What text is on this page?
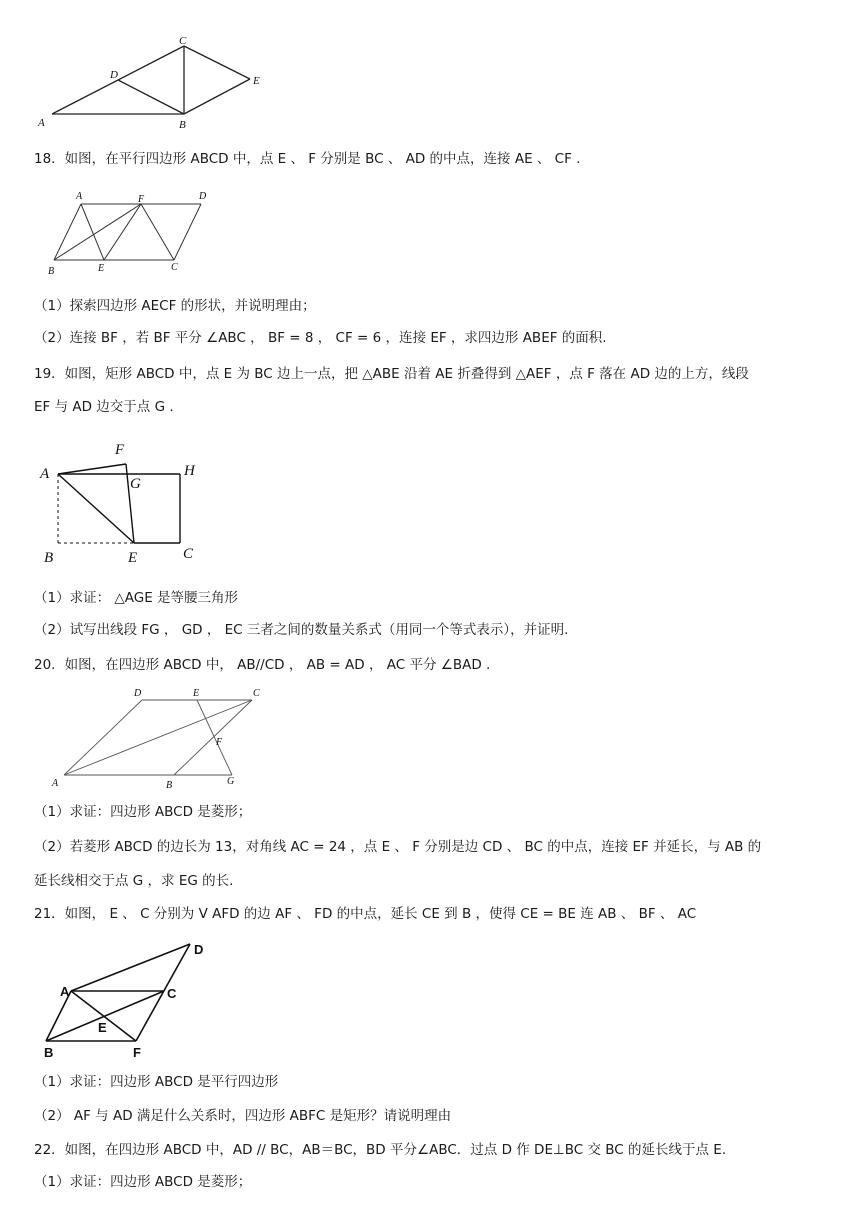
A	B
C
D	E
18．如图，在平行四边形 ABCD 中，点 E 、 F 分别是 BC 、 AD 的中点，连接 AE 、 CF .
A	F	D
B	E	C
（1）探索四边形 AECF 的形状，并说明理由；
（2）连接 BF ，若 BF 平分 ∠ABC ， BF = 8 ， CF = 6 ，连接 EF ，求四边形 ABEF 的面积.
19．如图，矩形 ABCD 中，点 E 为 BC 边上一点，把 △ABE 沿着 AE 折叠得到 △AEF ，点 F 落在 AD 边的上方，线段
EF 与 AD 边交于点 G .
A
F
G
H
B	E	C
（1）求证： △AGE 是等腰三角形
（2）试写出线段 FG ， GD ， EC 三者之间的数量关系式（用同一个等式表示），并证明.
20．如图，在四边形 ABCD 中， AB//CD ， AB = AD ， AC 平分 ∠BAD .
D	E	C
F
A	B	G
（1）求证：四边形 ABCD 是菱形；
（2）若菱形 ABCD 的边长为 13，对角线 AC = 24 ，点 E 、 F 分别是边 CD 、 BC 的中点，连接 EF 并延长，与 AB 的
延长线相交于点 G ，求 EG 的长.
21．如图， E 、 C 分别为 V AFD 的边 AF 、 FD 的中点，延长 CE 到 B ，使得 CE = BE 连 AB 、 BF 、 AC
D
A	C
E
B	F
（1）求证：四边形 ABCD 是平行四边形
（2） AF 与 AD 满足什么关系时，四边形 ABFC 是矩形？请说明理由
22．如图，在四边形 ABCD 中，AD // BC，AB＝BC，BD 平分∠ABC．过点 D 作 DE⊥BC 交 BC 的延长线于点 E.
（1）求证：四边形 ABCD 是菱形；
